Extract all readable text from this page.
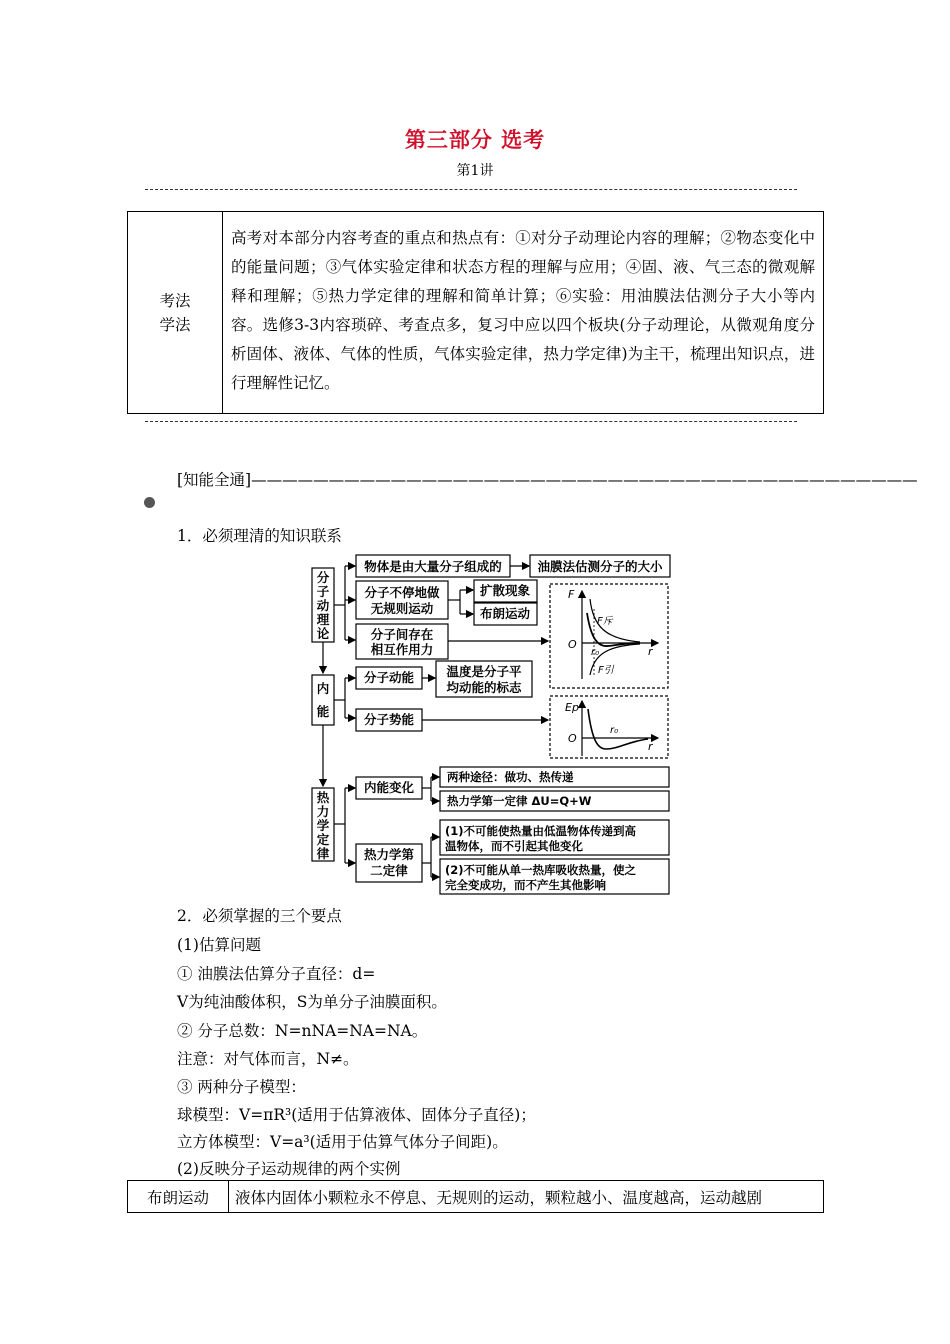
第三部分 选考
第1讲
考法
学法
	高考对本部分内容考查的重点和热点有：①对分子动理论内容的理解；②物态变化中的能量问题；③气体实验定律和状态方程的理解与应用；④固、液、气三态的微观解释和理解；⑤热力学定律的理解和简单计算；⑥实验：用油膜法估测分子大小等内容。选修3-3内容琐碎、考查点多，复习中应以四个板块(分子动理论，从微观角度分析固体、液体、气体的性质，气体实验定律，热力学定律)为主干，梳理出知识点，进行理解性记忆。
[知能全通]———————————————————————————————————————————
1．必须理清的知识联系
分
子
动
理
论
内
能
热
力
学
定
律
物体是由大量分子组成的	油膜法估测分子的大小
分子不停地做
无规则运动
扩散现象
布朗运动
分子间存在
相互作用力
分子动能	温度是分子平
均动能的标志
分子势能
内能变化
两种途径：做功、热传递
热力学第一定律 ΔU=Q+W
热力学第
二定律
(1)不可能使热量由低温物体传递到高
温物体，而不引起其他变化
(2)不可能从单一热库吸收热量，使之
完全变成功，而不产生其他影响
F
O
r₀	r
F斥
F引
Ep
O
r₀
r
2．必须掌握的三个要点
(1)估算问题
① 油膜法估算分子直径：d=
V为纯油酸体积，S为单分子油膜面积。
② 分子总数：N=nNA=NA=NA。
注意：对气体而言，N≠。
③ 两种分子模型：
球模型：V=πR³(适用于估算液体、固体分子直径)；
立方体模型：V=a³(适用于估算气体分子间距)。
(2)反映分子运动规律的两个实例
布朗运动	液体内固体小颗粒永不停息、无规则的运动，颗粒越小、温度越高，运动越剧
